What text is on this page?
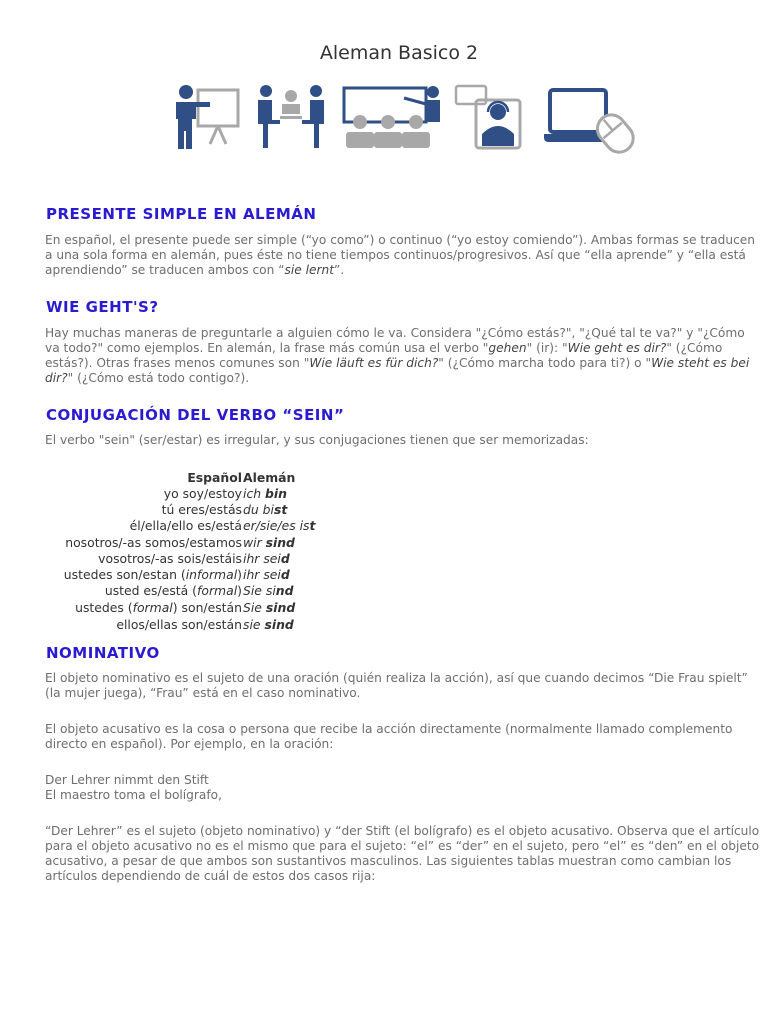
Aleman Basico 2
PRESENTE SIMPLE EN ALEMÁN

En español, el presente puede ser simple (“yo como”) o continuo (“yo estoy comiendo”). Ambas formas se traducen a una sola forma en alemán, pues éste no tiene tiempos continuos/progresivos. Así que “ella aprende” y “ella está aprendiendo” se traducen ambos con “sie lernt”.

WIE GEHT'S?

Hay muchas maneras de preguntarle a alguien cómo le va. Considera "¿Cómo estás?", "¿Qué tal te va?" y "¿Cómo va todo?" como ejemplos. En alemán, la frase más común usa el verbo "gehen" (ir): "Wie geht es dir?" (¿Cómo estás?). Otras frases menos comunes son "Wie läuft es für dich?" (¿Cómo marcha todo para ti?) o "Wie steht es bei dir?" (¿Cómo está todo contigo?).

CONJUGACIÓN DEL VERBO “SEIN”

El verbo "sein" (ser/estar) es irregular, y sus conjugaciones tienen que ser memorizadas:

Español Alemán
yo soy/estoy ich bin
tú eres/estás du bist
él/ella/ello es/está er/sie/es ist
nosotros/-as somos/estamos wir sind
vosotros/-as sois/estáis ihr seid
ustedes son/estan (informal) ihr seid
usted es/está (formal) Sie sind
ustedes (formal) son/están Sie sind
ellos/ellas son/están sie sind
NOMINATIVO

El objeto nominativo es el sujeto de una oración (quién realiza la acción), así que cuando decimos “Die Frau spielt” (la mujer juega), “Frau” está en el caso nominativo.

El objeto acusativo es la cosa o persona que recibe la acción directamente (normalmente llamado complemento directo en español). Por ejemplo, en la oración:

Der Lehrer nimmt den Stift
El maestro toma el bolígrafo,

“Der Lehrer” es el sujeto (objeto nominativo) y “der Stift (el bolígrafo) es el objeto acusativo. Observa que el artículo para el objeto acusativo no es el mismo que para el sujeto: “el” es “der” en el sujeto, pero “el” es “den” en el objeto acusativo, a pesar de que ambos son sustantivos masculinos. Las siguientes tablas muestran como cambian los artículos dependiendo de cuál de estos dos casos rija:
